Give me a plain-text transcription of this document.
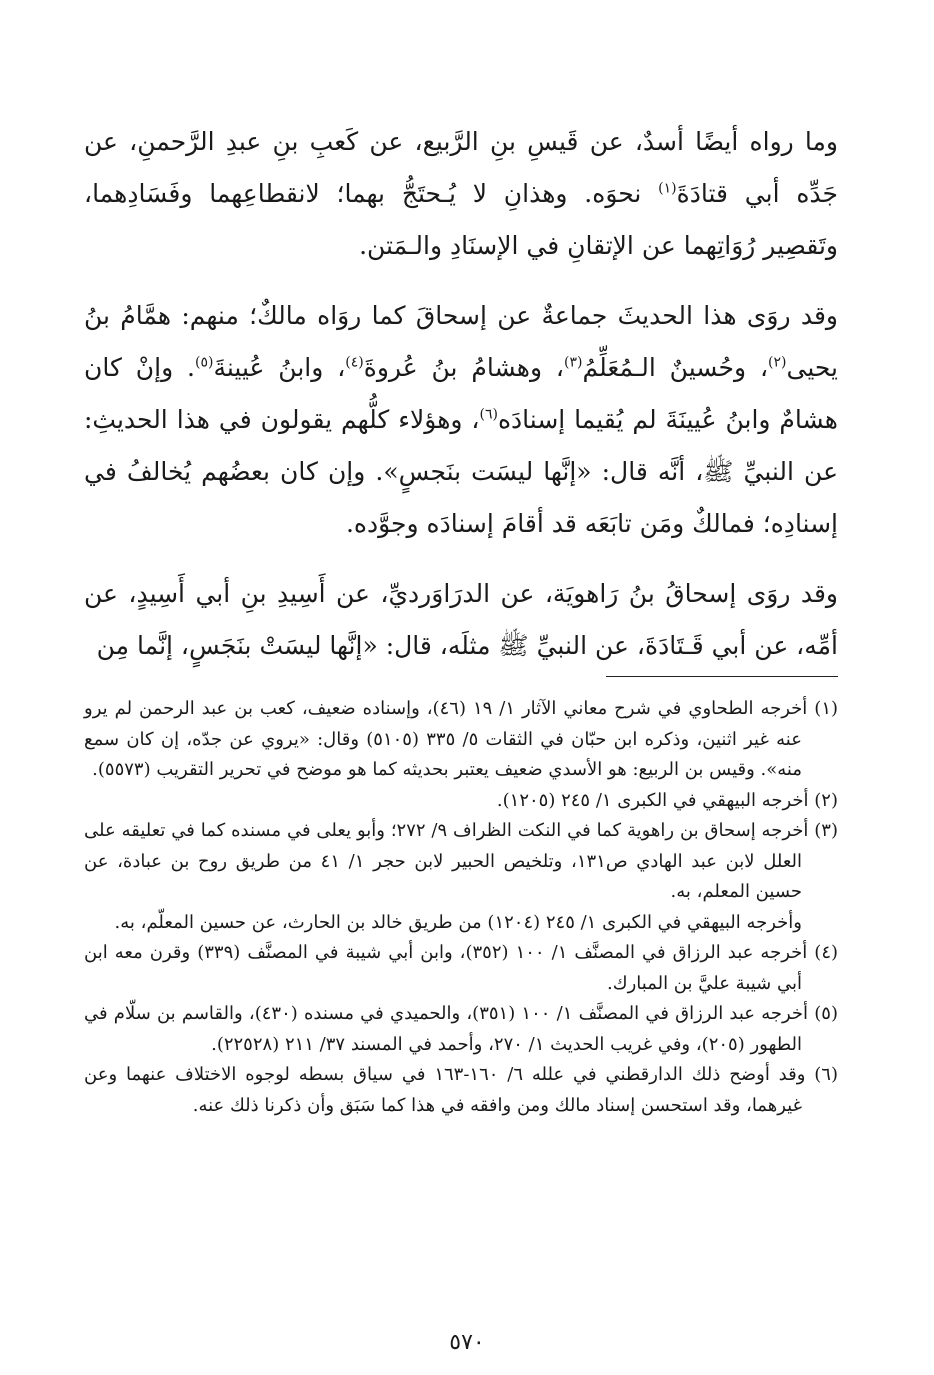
وما رواه أيضًا أسدٌ، عن قَيسِ بنِ الرَّبيع، عن كَعبِ بنِ عبدِ الرَّحمنِ، عن جَدِّه أبي قتادَةَ$^{(١)}$ نحوَه. وهذانِ لا يُـحتَجُّ بهما؛ لانقطاعِهما وفَسَادِهما، وتَقصِير رُوَاتِهما عن الإتقانِ في الإسنَادِ والـمَتن.

وقد روَى هذا الحديثَ جماعةٌ عن إسحاقَ كما روَاه مالكٌ؛ منهم: همَّامُ بنُ يحيى$^{(٢)}$، وحُسينٌ الـمُعَلِّمُ$^{(٣)}$، وهشامُ بنُ عُروةَ$^{(٤)}$، وابنُ عُيينةَ$^{(٥)}$. وإنْ كان هشامٌ وابنُ عُيينَةَ لم يُقيما إسنادَه$^{(٦)}$، وهؤلاء كلُّهم يقولون في هذا الحديثِ: عن النبيِّ ﷺ، أنَّه قال: «إنَّها ليسَت بنَجسٍ». وإن كان بعضُهم يُخالفُ في إسنادِه؛ فمالكٌ ومَن تابَعَه قد أقامَ إسنادَه وجوَّده.

وقد روَى إسحاقُ بنُ رَاهويَة، عن الدرَاوَرديِّ، عن أَسِيدِ بنِ أبي أَسِيدٍ، عن أمِّه، عن أبي قَـتَادَةَ، عن النبيِّ ﷺ مثلَه، قال: «إنَّها ليسَتْ بنَجَسٍ، إنَّما مِن

(١) أخرجه الطحاوي في شرح معاني الآثار ١/ ١٩ (٤٦)، وإسناده ضعيف، كعب بن عبد الرحمن لم يرو عنه غير اثنين، وذكره ابن حبّان في الثقات ٥/ ٣٣٥ (٥١٠٥) وقال: «يروي عن جدّه، إن كان سمع منه». وقيس بن الربيع: هو الأسدي ضعيف يعتبر بحديثه كما هو موضح في تحرير التقريب (٥٥٧٣).

(٢) أخرجه البيهقي في الكبرى ١/ ٢٤٥ (١٢٠٥).

(٣) أخرجه إسحاق بن راهوية كما في النكت الظراف ٩/ ٢٧٢؛ وأبو يعلى في مسنده كما في تعليقه على العلل لابن عبد الهادي ص١٣١، وتلخيص الحبير لابن حجر ١/ ٤١ من طريق روح بن عبادة، عن حسين المعلم، به.

وأخرجه البيهقي في الكبرى ١/ ٢٤٥ (١٢٠٤) من طريق خالد بن الحارث، عن حسين المعلّم، به.

(٤) أخرجه عبد الرزاق في المصنَّف ١/ ١٠٠ (٣٥٢)، وابن أبي شيبة في المصنَّف (٣٣٩) وقرن معه ابن أبي شيبة عليَّ بن المبارك.

(٥) أخرجه عبد الرزاق في المصنَّف ١/ ١٠٠ (٣٥١)، والحميدي في مسنده (٤٣٠)، والقاسم بن سلّام في الطهور (٢٠٥)، وفي غريب الحديث ١/ ٢٧٠، وأحمد في المسند ٣٧/ ٢١١ (٢٢٥٢٨).

(٦) وقد أوضح ذلك الدارقطني في علله ٦/ ١٦٠-١٦٣ في سياق بسطه لوجوه الاختلاف عنهما وعن غيرهما، وقد استحسن إسناد مالك ومن وافقه في هذا كما سَبَق وأن ذكرنا ذلك عنه.

٥٧٠
